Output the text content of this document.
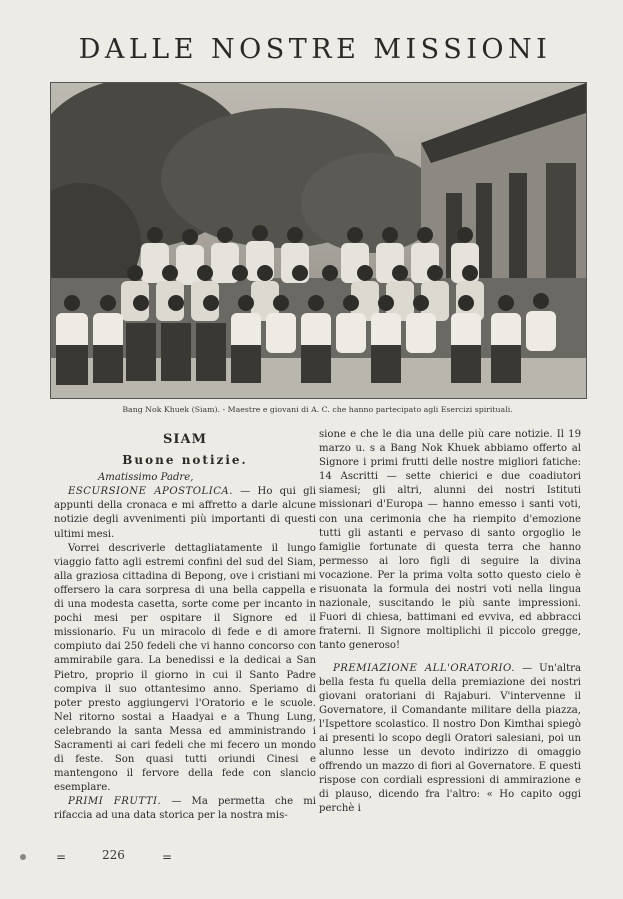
DALLE NOSTRE MISSIONI
Bang Nok Khuek (Siam). - Maestre e giovani di A. C. che hanno partecipato agli Esercizi spirituali.
SIAM
Buone notizie.

Amatissimo Padre,

ESCURSIONE APOSTOLICA. — Ho qui gli appunti della cronaca e mi affretto a darle alcune notizie degli avvenimenti più importanti di questi ultimi mesi.

Vorrei descriverle dettagliatamente il lungo viaggio fatto agli estremi confini del sud del Siam, alla graziosa cittadina di Bepong, ove i cristiani mi offersero la cara sorpresa di una bella cappella e di una modesta casetta, sorte come per incanto in pochi mesi per ospitare il Signore ed il missionario. Fu un miracolo di fede e di amore compiuto dai 250 fedeli che vi hanno concorso con ammirabile gara. La benedissi e la dedicai a San Pietro, proprio il giorno in cui il Santo Padre compiva il suo ottantesimo anno. Speriamo di poter presto aggiungervi l'Oratorio e le scuole. Nel ritorno sostai a Haadyai e a Thung Lung, celebrando la santa Messa ed amministrando i Sacramenti ai cari fedeli che mi fecero un mondo di feste. Son quasi tutti oriundi Cinesi e mantengono il fervore della fede con slancio esemplare.

PRIMI FRUTTI. — Ma permetta che mi rifaccia ad una data storica per la nostra mis-

sione e che le dia una delle più care notizie. Il 19 marzo u. s a Bang Nok Khuek abbiamo offerto al Signore i primi frutti delle nostre migliori fatiche: 14 Ascritti — sette chierici e due coadiutori siamesi; gli altri, alunni dei nostri Istituti missionari d'Europa — hanno emesso i santi voti, con una cerimonia che ha riempito d'emozione tutti gli astanti e pervaso di santo orgoglio le famiglie fortunate di questa terra che hanno permesso ai loro figli di seguire la divina vocazione. Per la prima volta sotto questo cielo è risuonata la formula dei nostri voti nella lingua nazionale, suscitando le più sante impressioni. Fuori di chiesa, battimani ed evviva, ed abbracci fraterni. Il Signore moltiplichi il piccolo gregge, tanto generoso!

PREMIAZIONE ALL'ORATORIO. — Un'altra bella festa fu quella della premiazione dei nostri giovani oratoriani di Rajaburi. V'intervenne il Governatore, il Comandante militare della piazza, l'Ispettore scolastico. Il nostro Don Kimthai spiegò ai presenti lo scopo degli Oratori salesiani, poi un alunno lesse un devoto indirizzo di omaggio offrendo un mazzo di fiori al Governatore. E questi rispose con cordiali espressioni di ammirazione e di plauso, dicendo fra l'altro: « Ho capito oggi perchè i

=	226	=
